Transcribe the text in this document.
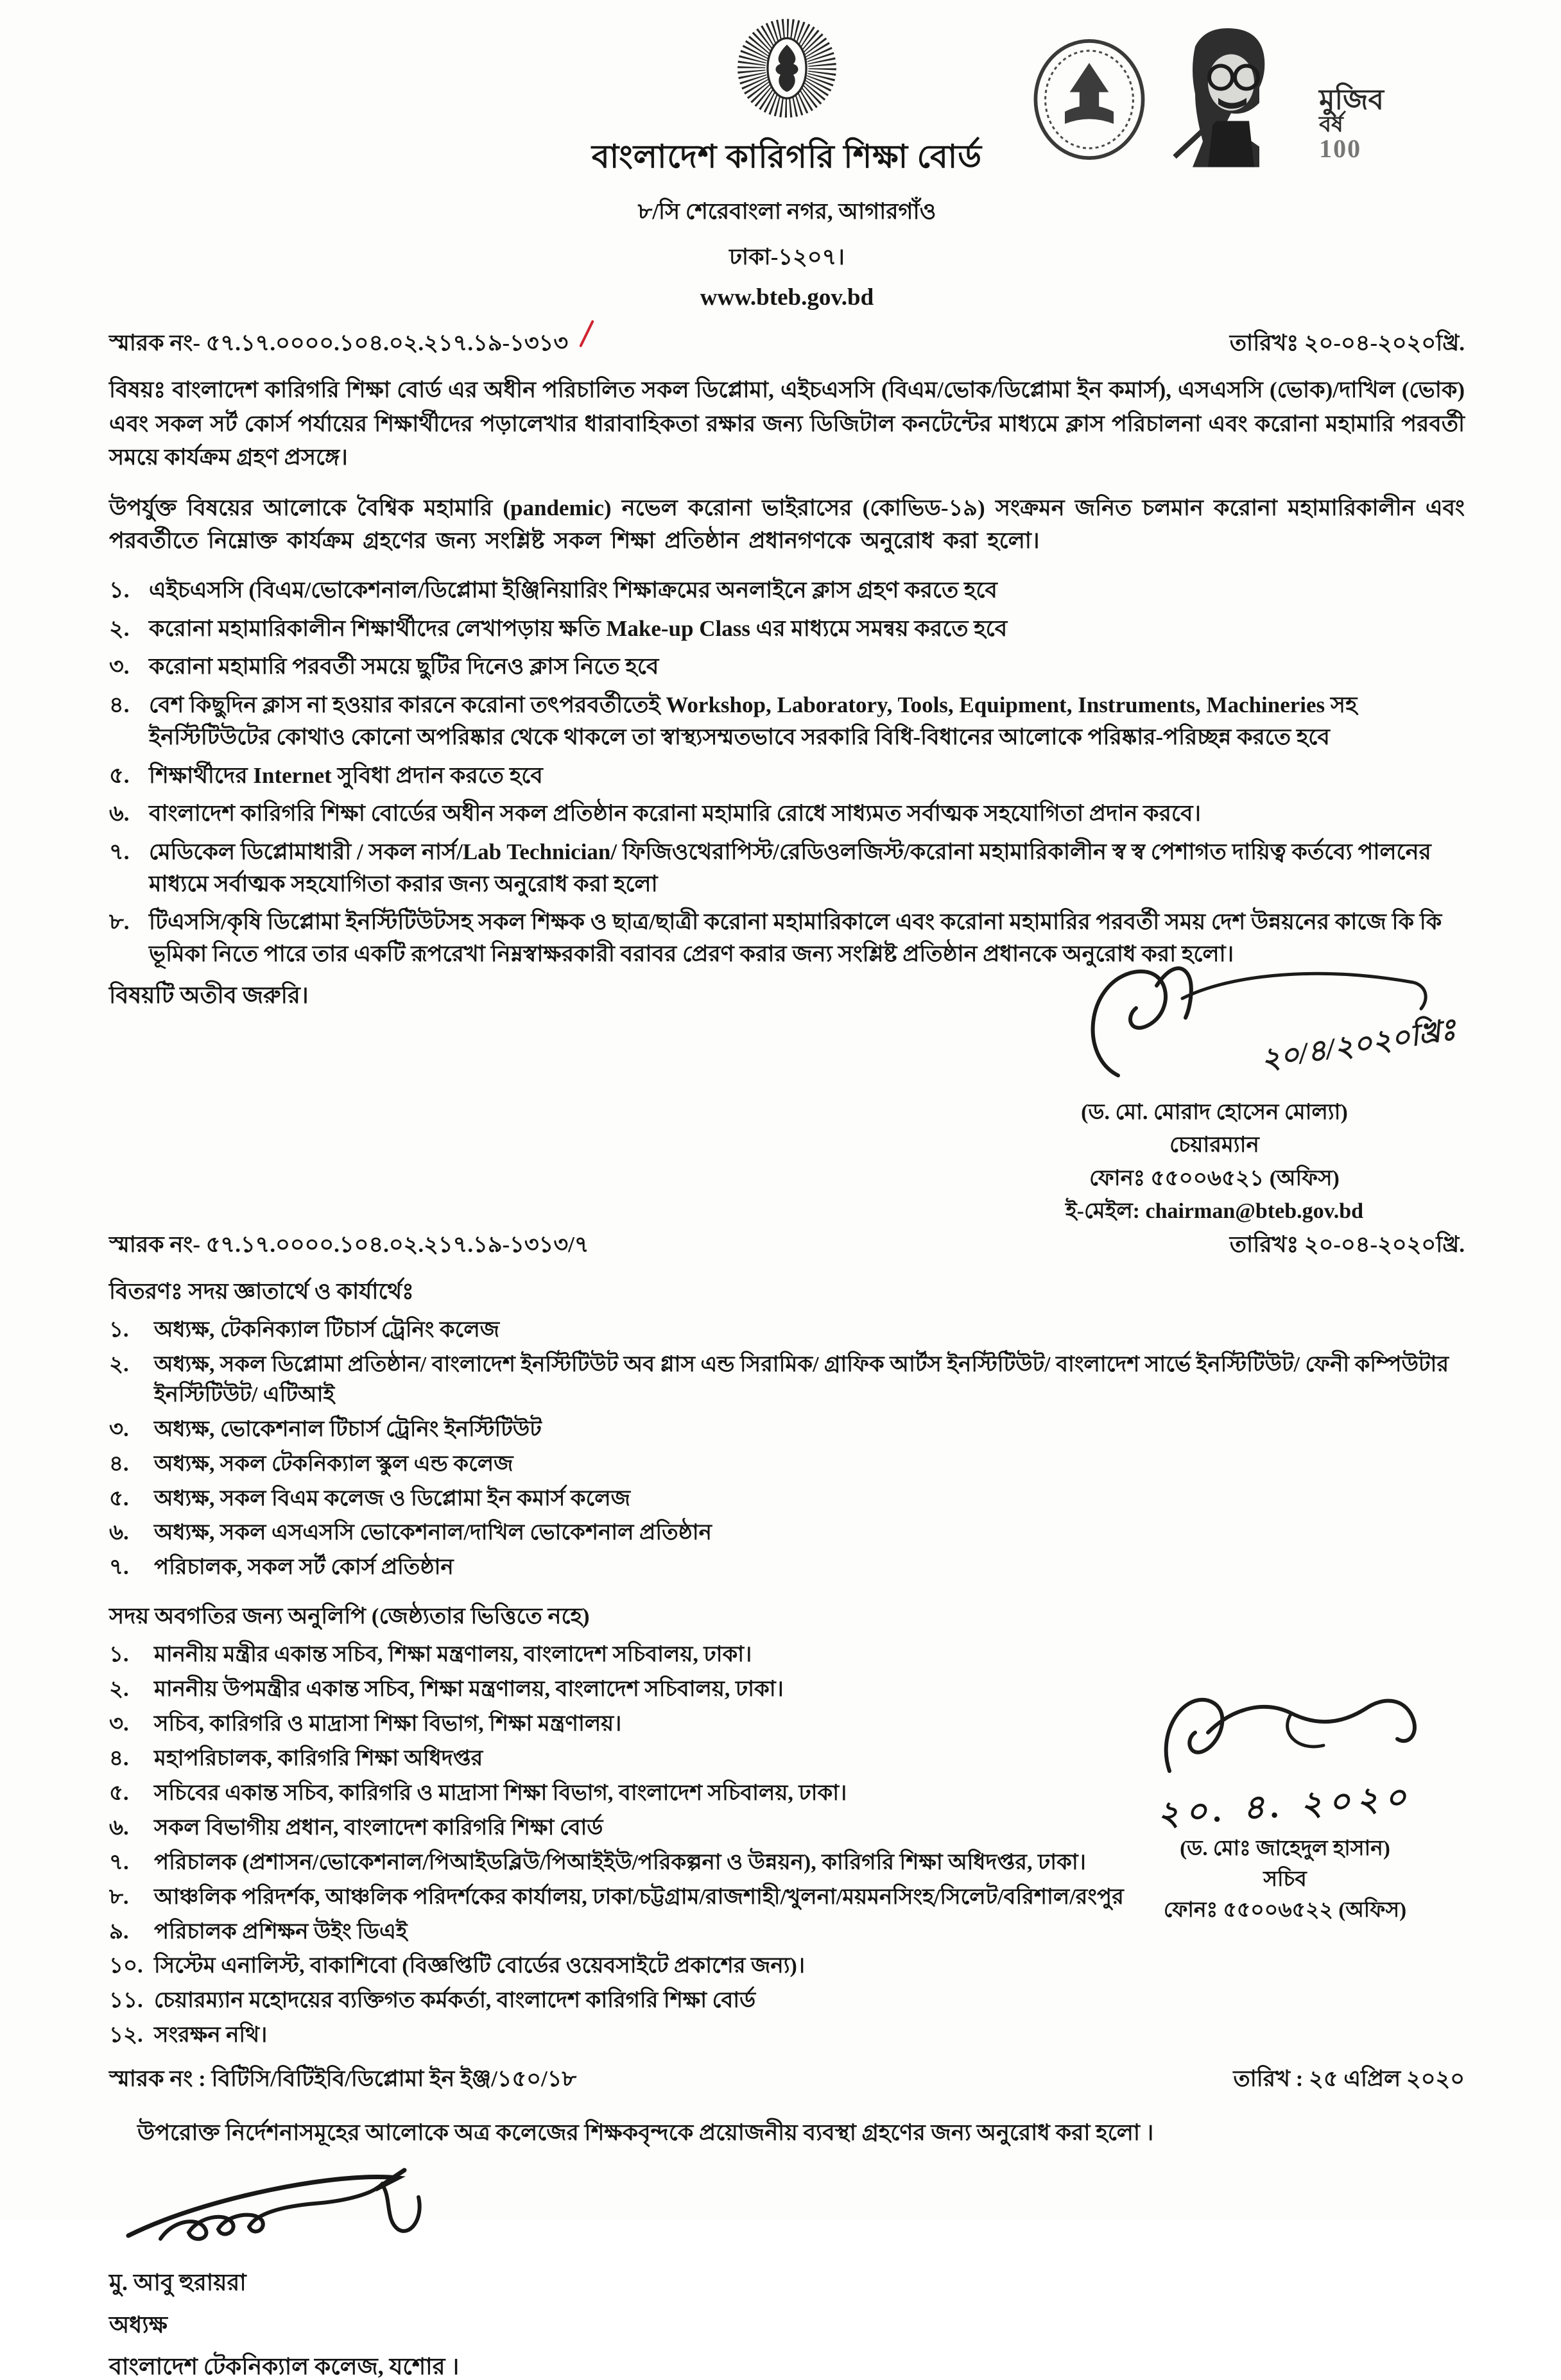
মুজিব
বর্ষ
100
বাংলাদেশ কারিগরি শিক্ষা বোর্ড
৮/সি শেরেবাংলা নগর, আগারগাঁও
ঢাকা-১২০৭।
www.bteb.gov.bd
স্মারক নং- ৫৭.১৭.০০০০.১০৪.০২.২১৭.১৯-১৩১৩	তারিখঃ ২০-০৪-২০২০খ্রি.

বিষয়ঃ বাংলাদেশ কারিগরি শিক্ষা বোর্ড এর অধীন পরিচালিত সকল ডিপ্লোমা, এইচএসসি (বিএম/ভোক/ডিপ্লোমা ইন কমার্স), এসএসসি (ভোক)/দাখিল (ভোক) এবং সকল সর্ট কোর্স পর্যায়ের শিক্ষার্থীদের পড়ালেখার ধারাবাহিকতা রক্ষার জন্য ডিজিটাল কনটেন্টের মাধ্যমে ক্লাস পরিচালনা এবং করোনা মহামারি পরবর্তী সময়ে কার্যক্রম গ্রহণ প্রসঙ্গে।

উপর্যুক্ত বিষয়ের আলোকে বৈশ্বিক মহামারি (pandemic) নভেল করোনা ভাইরাসের (কোভিড-১৯) সংক্রমন জনিত চলমান করোনা মহামারিকালীন এবং পরবর্তীতে নিম্নোক্ত কার্যক্রম গ্রহণের জন্য সংশ্লিষ্ট সকল শিক্ষা প্রতিষ্ঠান প্রধানগণকে অনুরোধ করা হলো।

১. এইচএসসি (বিএম/ভোকেশনাল/ডিপ্লোমা ইঞ্জিনিয়ারিং শিক্ষাক্রমের অনলাইনে ক্লাস গ্রহণ করতে হবে
২. করোনা মহামারিকালীন শিক্ষার্থীদের লেখাপড়ায় ক্ষতি Make-up Class এর মাধ্যমে সমন্বয় করতে হবে
৩. করোনা মহামারি পরবর্তী সময়ে ছুটির দিনেও ক্লাস নিতে হবে
৪. বেশ কিছুদিন ক্লাস না হওয়ার কারনে করোনা তৎপরবর্তীতেই Workshop, Laboratory, Tools, Equipment, Instruments, Machineries সহ ইনস্টিটিউটের কোথাও কোনো অপরিষ্কার থেকে থাকলে তা স্বাস্থ্যসম্মতভাবে সরকারি বিধি-বিধানের আলোকে পরিষ্কার-পরিচ্ছন্ন করতে হবে
৫. শিক্ষার্থীদের Internet সুবিধা প্রদান করতে হবে
৬. বাংলাদেশ কারিগরি শিক্ষা বোর্ডের অধীন সকল প্রতিষ্ঠান করোনা মহামারি রোধে সাধ্যমত সর্বাত্মক সহযোগিতা প্রদান করবে।
৭. মেডিকেল ডিপ্লোমাধারী / সকল নার্স/Lab Technician/ ফিজিওথেরাপিস্ট/রেডিওলজিস্ট/করোনা মহামারিকালীন স্ব স্ব পেশাগত দায়িত্ব কর্তব্যে পালনের মাধ্যমে সর্বাত্মক সহযোগিতা করার জন্য অনুরোধ করা হলো
৮. টিএসসি/কৃষি ডিপ্লোমা ইনস্টিটিউটসহ সকল শিক্ষক ও ছাত্র/ছাত্রী করোনা মহামারিকালে এবং করোনা মহামারির পরবর্তী সময় দেশ উন্নয়নের কাজে কি কি ভূমিকা নিতে পারে তার একটি রূপরেখা নিম্নস্বাক্ষরকারী বরাবর প্রেরণ করার জন্য সংশ্লিষ্ট প্রতিষ্ঠান প্রধানকে অনুরোধ করা হলো।
বিষয়টি অতীব জরুরি।
২০/৪/২০২০খ্রিঃ
(ড. মো. মোরাদ হোসেন মোল্যা)
চেয়ারম্যান
ফোনঃ ৫৫০০৬৫২১ (অফিস)
ই-মেইল: chairman@bteb.gov.bd
স্মারক নং- ৫৭.১৭.০০০০.১০৪.০২.২১৭.১৯-১৩১৩/৭	তারিখঃ ২০-০৪-২০২০খ্রি.
বিতরণঃ সদয় জ্ঞাতার্থে ও কার্যার্থেঃ
১.	অধ্যক্ষ, টেকনিক্যাল টিচার্স ট্রেনিং কলেজ
২.	অধ্যক্ষ, সকল ডিপ্লোমা প্রতিষ্ঠান/ বাংলাদেশ ইনস্টিটিউট অব গ্লাস এন্ড সিরামিক/ গ্রাফিক আর্টস ইনস্টিটিউট/ বাংলাদেশ সার্ভে ইনস্টিটিউট/ ফেনী কম্পিউটার ইনস্টিটিউট/ এটিআই
৩.	অধ্যক্ষ, ভোকেশনাল টিচার্স ট্রেনিং ইনস্টিটিউট
৪.	অধ্যক্ষ, সকল টেকনিক্যাল স্কুল এন্ড কলেজ
৫.	অধ্যক্ষ, সকল বিএম কলেজ ও ডিপ্লোমা ইন কমার্স কলেজ
৬.	অধ্যক্ষ, সকল এসএসসি ভোকেশনাল/দাখিল ভোকেশনাল প্রতিষ্ঠান
৭.	পরিচালক, সকল সর্ট কোর্স প্রতিষ্ঠান
সদয় অবগতির জন্য অনুলিপি (জেষ্ঠ্যতার ভিত্তিতে নহে)
১.	মাননীয় মন্ত্রীর একান্ত সচিব, শিক্ষা মন্ত্রণালয়, বাংলাদেশ সচিবালয়, ঢাকা।
২.	মাননীয় উপমন্ত্রীর একান্ত সচিব, শিক্ষা মন্ত্রণালয়, বাংলাদেশ সচিবালয়, ঢাকা।
৩.	সচিব, কারিগরি ও মাদ্রাসা শিক্ষা বিভাগ, শিক্ষা মন্ত্রণালয়।
৪.	মহাপরিচালক, কারিগরি শিক্ষা অধিদপ্তর
৫.	সচিবের একান্ত সচিব, কারিগরি ও মাদ্রাসা শিক্ষা বিভাগ, বাংলাদেশ সচিবালয়, ঢাকা।
৬.	সকল বিভাগীয় প্রধান, বাংলাদেশ কারিগরি শিক্ষা বোর্ড
৭.	পরিচালক (প্রশাসন/ভোকেশনাল/পিআইডব্লিউ/পিআইইউ/পরিকল্পনা ও উন্নয়ন), কারিগরি শিক্ষা অধিদপ্তর, ঢাকা।
৮.	আঞ্চলিক পরিদর্শক, আঞ্চলিক পরিদর্শকের কার্যালয়, ঢাকা/চট্টগ্রাম/রাজশাহী/খুলনা/ময়মনসিংহ/সিলেট/বরিশাল/রংপুর
৯.	পরিচালক প্রশিক্ষন উইং ডিএই
১০. সিস্টেম এনালিস্ট, বাকাশিবো (বিজ্ঞপ্তিটি বোর্ডের ওয়েবসাইটে প্রকাশের জন্য)।
১১. চেয়ারম্যান মহোদয়ের ব্যক্তিগত কর্মকর্তা, বাংলাদেশ কারিগরি শিক্ষা বোর্ড
১২. সংরক্ষন নথি।
স্মারক নং : বিটিসি/বিটিইবি/ডিপ্লোমা ইন ইঞ্জ/১৫০/১৮	তারিখ : ২৫ এপ্রিল ২০২০

উপরোক্ত নির্দেশনাসমূহের আলোকে অত্র কলেজের শিক্ষকবৃন্দকে প্রয়োজনীয় ব্যবস্থা গ্রহণের জন্য অনুরোধ করা হলো ।

মু. আবু হুরায়রা
অধ্যক্ষ
বাংলাদেশ টেকনিক্যাল কলেজ, যশোর ।
২০. ৪. ২০২০
(ড. মোঃ জাহেদুল হাসান)
সচিব
ফোনঃ ৫৫০০৬৫২২ (অফিস)
